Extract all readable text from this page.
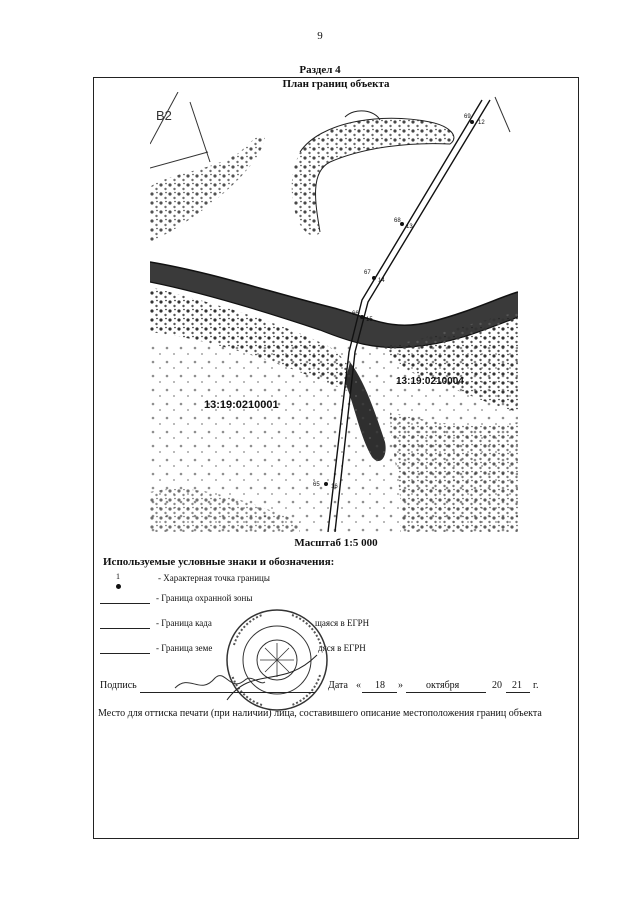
9
Раздел 4
План границ объекта
В2
13:19:0210001
13:19:0210004
69
12
68
13
67
14
66
15
65 16
Масштаб 1:5 000
Используемые условные знаки и обозначения:
1	- Характерная точка границы
- Граница охранной зоны
- Граница када	щаяся в ЕГРН
- Граница земе	дяся в ЕГРН
Подпись	Дата « 18 » октября	20 21 г.
Место для оттиска печати (при наличии) лица, составившего описание местоположения границ объекта
